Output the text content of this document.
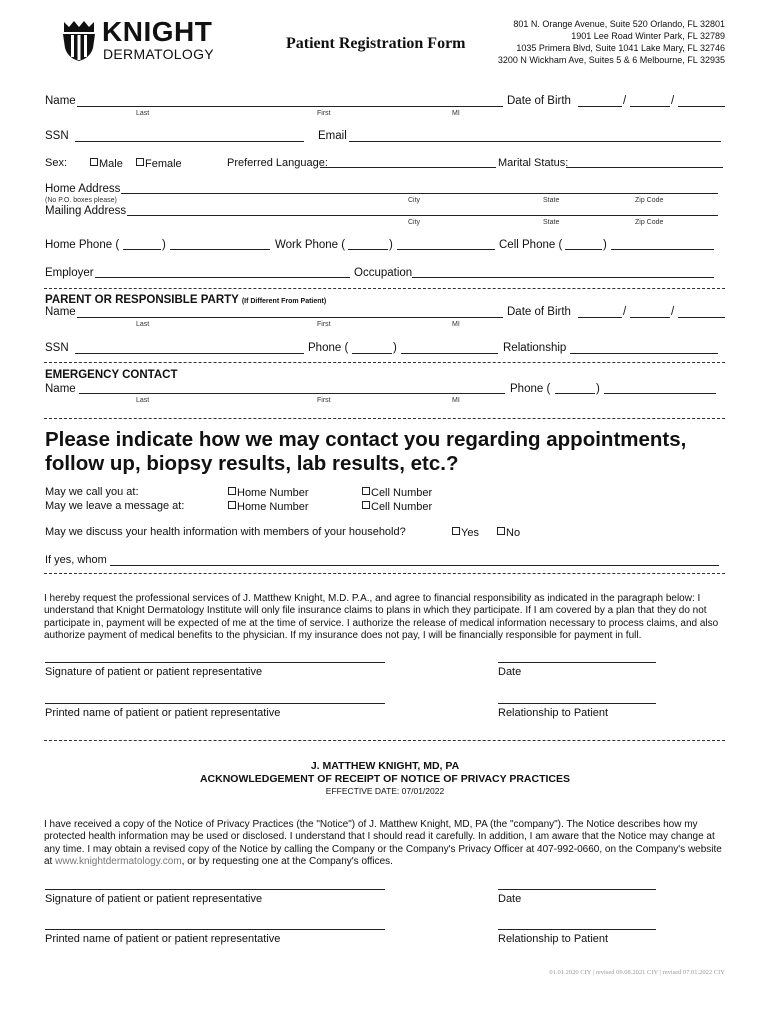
KNIGHT
DERMATOLOGY
Patient Registration Form
801 N. Orange Avenue, Suite 520 Orlando, FL 32801
1901 Lee Road Winter Park, FL 32789
1035 Primera Blvd, Suite 1041 Lake Mary, FL 32746
3200 N Wickham Ave, Suites 5 & 6 Melbourne, FL 32935
Name	Date of Birth	/	/
Last	First	MI
SSN	Email
Sex:	Male	Female	Preferred Language:	Marital Status:
Home Address
(No P.O. boxes please)	City	State	Zip Code
Mailing Address
City	State	Zip Code
Home Phone (	)	Work Phone (	)	Cell Phone (	)
Employer	Occupation
PARENT OR RESPONSIBLE PARTY (If Different From Patient)
Name	Date of Birth	/	/
Last	First	MI
SSN	Phone (	)	Relationship
EMERGENCY CONTACT
Name	Phone (	)
Last	First	MI
Please indicate how we may contact you regarding appointments,
follow up, biopsy results, lab results, etc.?
May we call you at:	Home Number	Cell Number
May we leave a message at:	Home Number	Cell Number
May we discuss your health information with members of your household?	Yes	No
If yes, whom
I hereby request the professional services of J. Matthew Knight, M.D. P.A., and agree to financial responsibility as indicated in the paragraph below: I understand that Knight Dermatology Institute will only file insurance claims to plans in which they participate. If I am covered by a plan that they do not participate in, payment will be expected of me at the time of service. I authorize the release of medical information necessary to process claims, and also authorize payment of medical benefits to the physician. If my insurance does not pay, I will be financially responsible for payment in full.
Signature of patient or patient representative	Date
Printed name of patient or patient representative	Relationship to Patient
J. MATTHEW KNIGHT, MD, PA
ACKNOWLEDGEMENT OF RECEIPT OF NOTICE OF PRIVACY PRACTICES
EFFECTIVE DATE: 07/01/2022
I have received a copy of the Notice of Privacy Practices (the "Notice") of J. Matthew Knight, MD, PA (the "company"). The Notice describes how my protected health information may be used or disclosed. I understand that I should read it carefully. In addition, I am aware that the Notice may change at any time. I may obtain a revised copy of the Notice by calling the Company or the Company's Privacy Officer at 407-992-0660, on the Company's website at www.knightdermatology.com, or by requesting one at the Company's offices.
Signature of patient or patient representative	Date
Printed name of patient or patient representative	Relationship to Patient
01.01.2020 CIY | revised 09.08.2021 CIY | revised 07.01.2022 CIY
